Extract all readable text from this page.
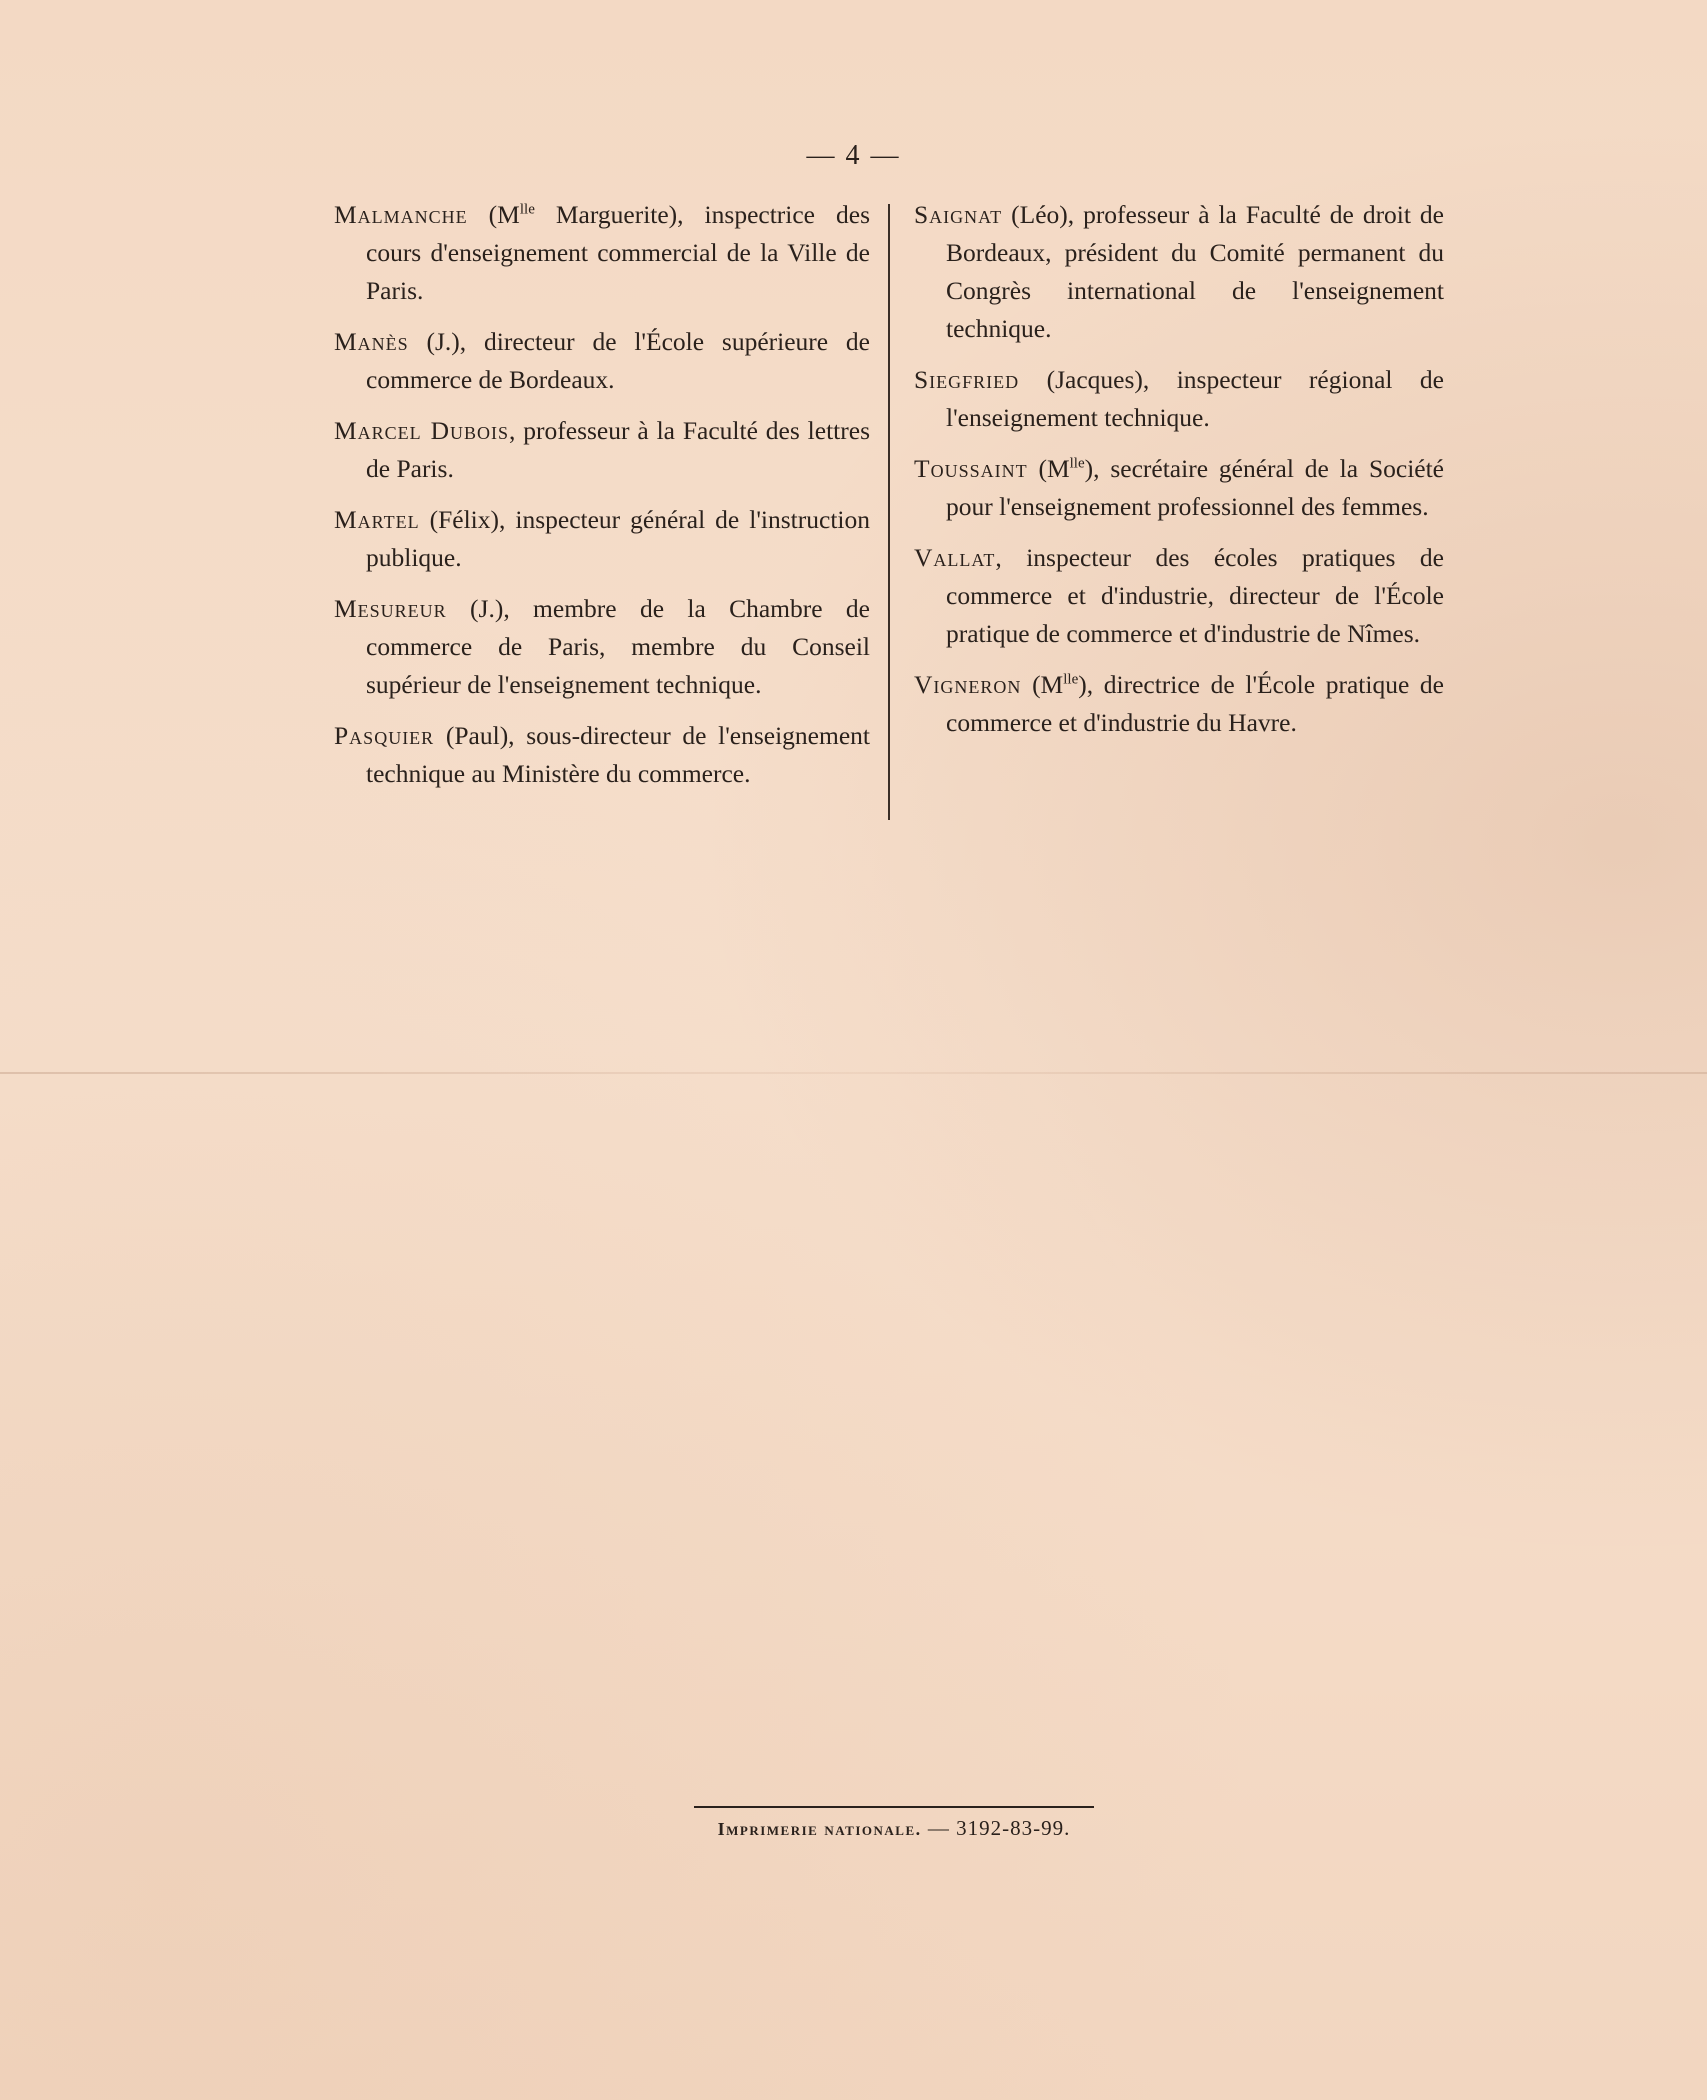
— 4 —

Malmanche ($M^{lle}$ Marguerite), inspectrice des cours d'enseignement commercial de la Ville de Paris.

Manès (J.), directeur de l'École supérieure de commerce de Bordeaux.

Marcel Dubois, professeur à la Faculté des lettres de Paris.

Martel (Félix), inspecteur général de l'instruction publique.

Mesureur (J.), membre de la Chambre de commerce de Paris, membre du Conseil supérieur de l'enseignement technique.

Pasquier (Paul), sous-directeur de l'enseignement technique au Ministère du commerce.

Saignat (Léo), professeur à la Faculté de droit de Bordeaux, président du Comité permanent du Congrès international de l'enseignement technique.

Siegfried (Jacques), inspecteur régional de l'enseignement technique.

Toussaint $(M^{lle})$, secrétaire général de la Société pour l'enseignement professionnel des femmes.

Vallat, inspecteur des écoles pratiques de commerce et d'industrie, directeur de l'École pratique de commerce et d'industrie de Nîmes.

Vigneron $(M^{lle})$, directrice de l'École pratique de commerce et d'industrie du Havre.

Imprimerie nationale. — 3192-83-99.
